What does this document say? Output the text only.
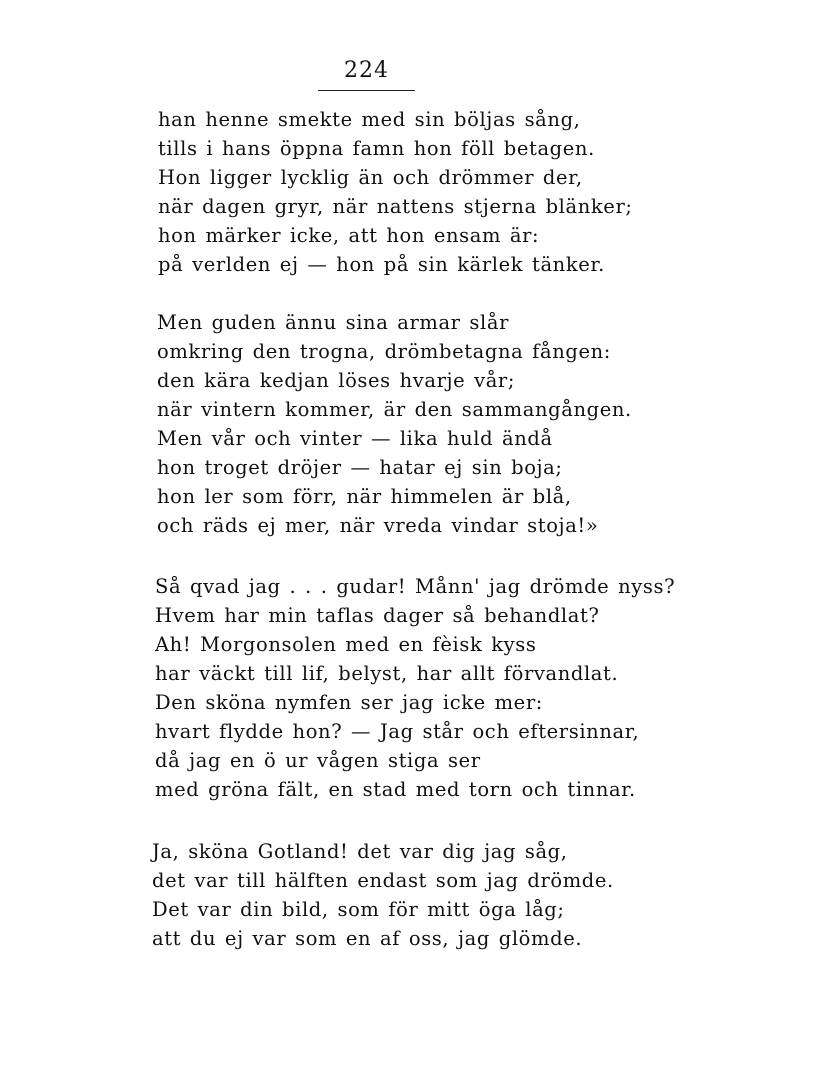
224
han henne smekte med sin böljas sång,
tills i hans öppna famn hon föll betagen.
Hon ligger lycklig än och drömmer der,
när dagen gryr, när nattens stjerna blänker;
hon märker icke, att hon ensam är:
på verlden ej — hon på sin kärlek tänker.
Men guden ännu sina armar slår
omkring den trogna, drömbetagna fången:
den kära kedjan löses hvarje vår;
när vintern kommer, är den sammangången.
Men vår och vinter — lika huld ändå
hon troget dröjer — hatar ej sin boja;
hon ler som förr, när himmelen är blå,
och räds ej mer, när vreda vindar stoja!»
Så qvad jag . . . gudar! Månn' jag drömde nyss?
Hvem har min taflas dager så behandlat?
Ah! Morgonsolen med en fèisk kyss
har väckt till lif, belyst, har allt förvandlat.
Den sköna nymfen ser jag icke mer:
hvart flydde hon? — Jag står och eftersinnar,
då jag en ö ur vågen stiga ser
med gröna fält, en stad med torn och tinnar.
Ja, sköna Gotland! det var dig jag såg,
det var till hälften endast som jag drömde.
Det var din bild, som för mitt öga låg;
att du ej var som en af oss, jag glömde.
